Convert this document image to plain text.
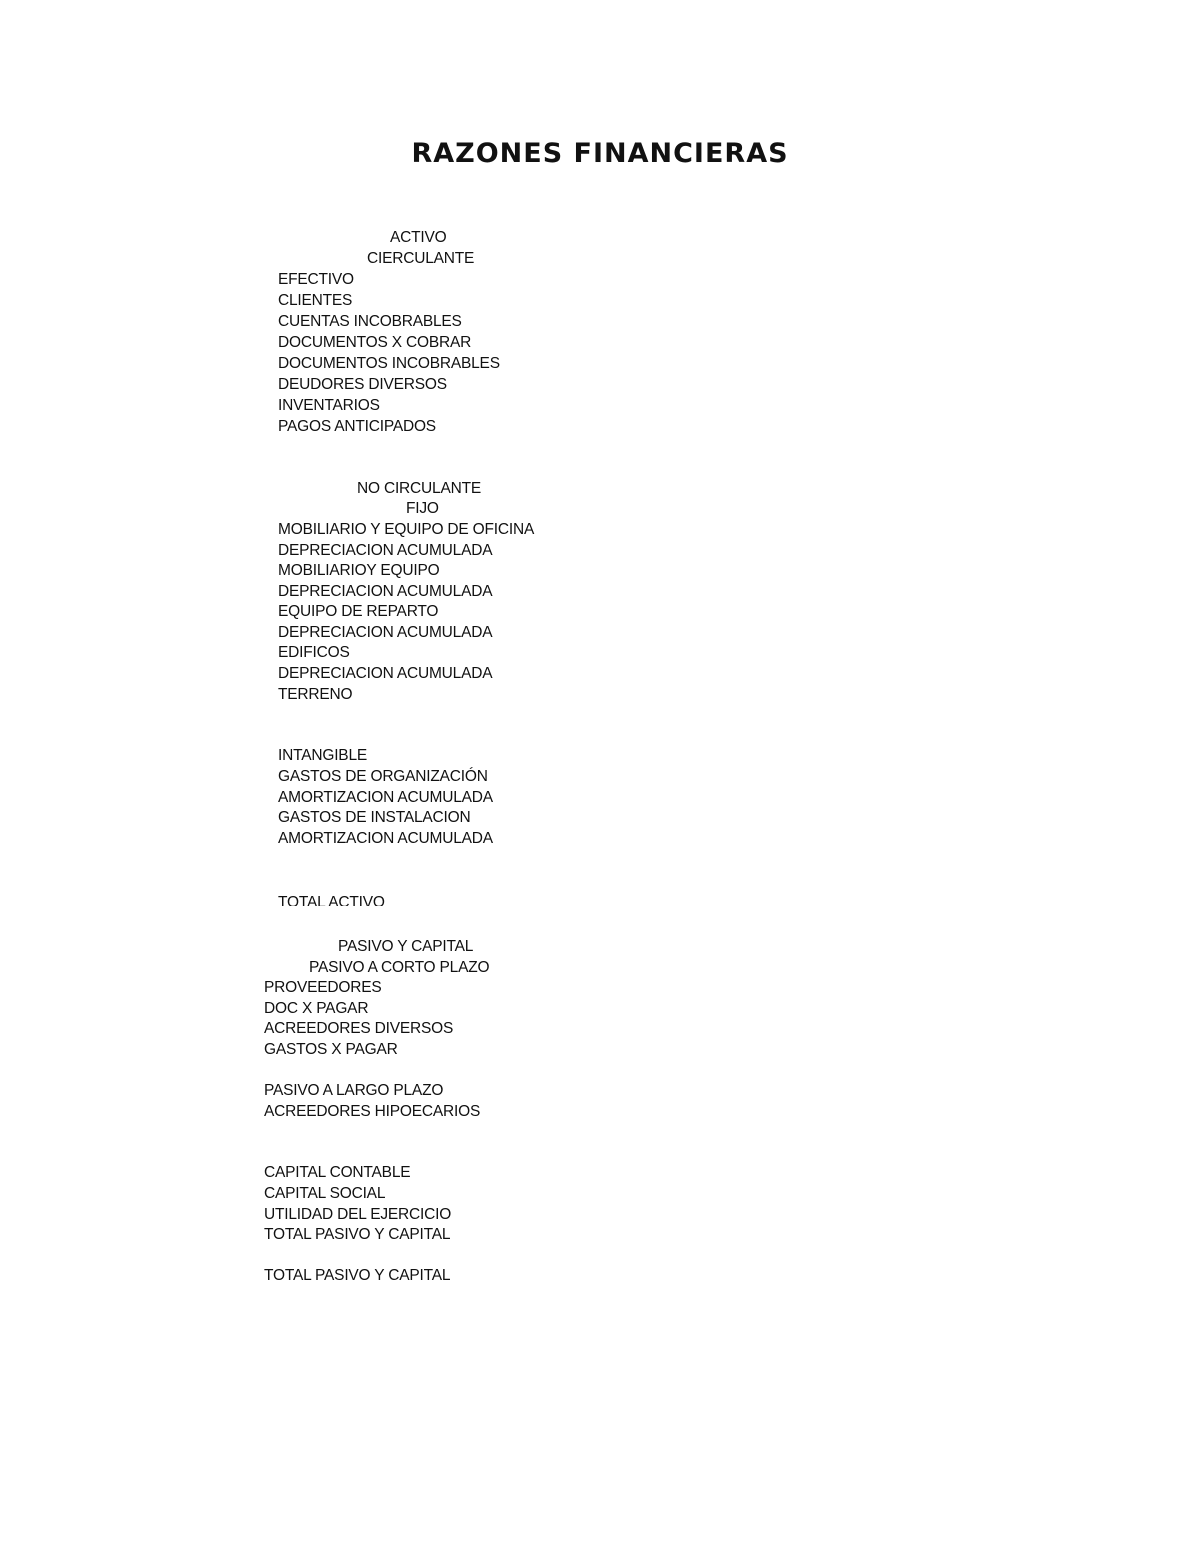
RAZONES FINANCIERAS
ACTIVO
CIERCULANTE
EFECTIVO
CLIENTES
CUENTAS INCOBRABLES
DOCUMENTOS X COBRAR
DOCUMENTOS INCOBRABLES
DEUDORES DIVERSOS
INVENTARIOS
PAGOS ANTICIPADOS
NO CIRCULANTE
FIJO
MOBILIARIO Y EQUIPO DE OFICINA
DEPRECIACION ACUMULADA
MOBILIARIOY EQUIPO
DEPRECIACION ACUMULADA
EQUIPO DE REPARTO
DEPRECIACION ACUMULADA
EDIFICOS
DEPRECIACION ACUMULADA
TERRENO
INTANGIBLE
GASTOS DE ORGANIZACIÓN
AMORTIZACION ACUMULADA
GASTOS DE INSTALACION
AMORTIZACION ACUMULADA
TOTAL ACTIVO
PASIVO Y CAPITAL
PASIVO A CORTO PLAZO
PROVEEDORES
DOC X PAGAR
ACREEDORES DIVERSOS
GASTOS X PAGAR
PASIVO A LARGO PLAZO
ACREEDORES HIPOECARIOS
CAPITAL CONTABLE
CAPITAL SOCIAL
UTILIDAD DEL EJERCICIO
TOTAL PASIVO Y CAPITAL
TOTAL PASIVO Y CAPITAL
